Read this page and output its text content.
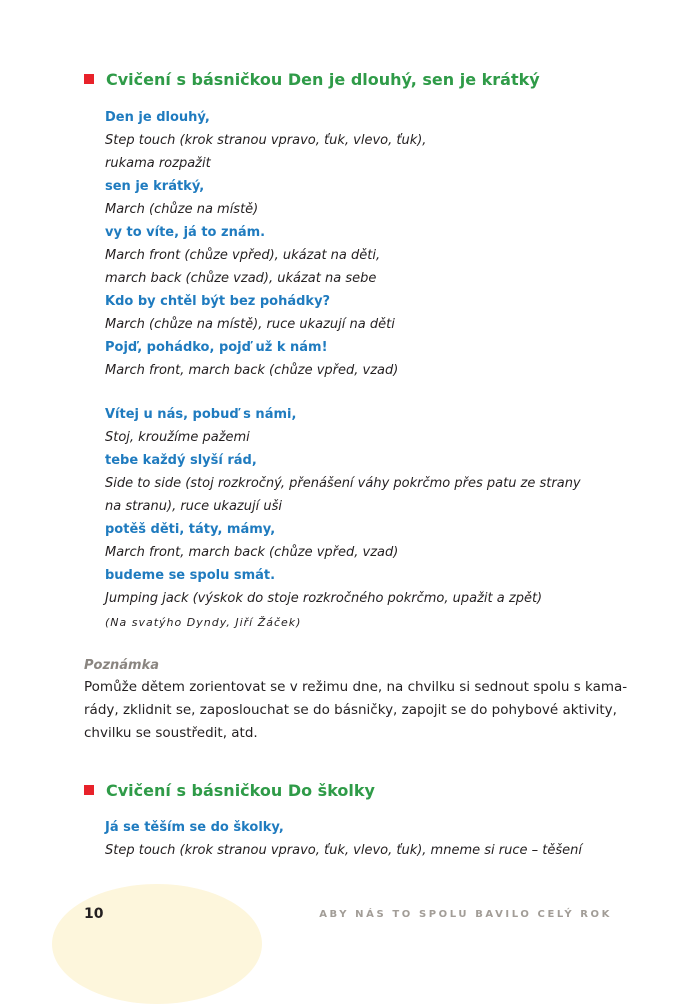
Cvičení s básničkou Den je dlouhý, sen je krátký
Den je dlouhý,
Step touch (krok stranou vpravo, ťuk, vlevo, ťuk),
rukama rozpažit
sen je krátký,
March (chůze na místě)
vy to víte, já to znám.
March front (chůze vpřed), ukázat na děti,
march back (chůze vzad), ukázat na sebe
Kdo by chtěl být bez pohádky?
March (chůze na místě), ruce ukazují na děti
Pojď, pohádko, pojď už k nám!
March front, march back (chůze vpřed, vzad)
Vítej u nás, pobuď s námi,
Stoj, kroužíme pažemi
tebe každý slyší rád,
Side to side (stoj rozkročný, přenášení váhy pokrčmo přes patu ze strany
na stranu), ruce ukazují uši
potěš děti, táty, mámy,
March front, march back (chůze vpřed, vzad)
budeme se spolu smát.
Jumping jack (výskok do stoje rozkročného pokrčmo, upažit a zpět)
(Na svatýho Dyndy, Jiří Žáček)
Poznámka
Pomůže dětem zorientovat se v režimu dne, na chvilku si sednout spolu s kama-
rády, zklidnit se, zaposlouchat se do básničky, zapojit se do pohybové aktivity,
chvilku se soustředit, atd.
Cvičení s básničkou Do školky
Já se těším se do školky,
Step touch (krok stranou vpravo, ťuk, vlevo, ťuk), mneme si ruce – těšení
10	ABY NÁS TO SPOLU BAVILO CELÝ ROK
